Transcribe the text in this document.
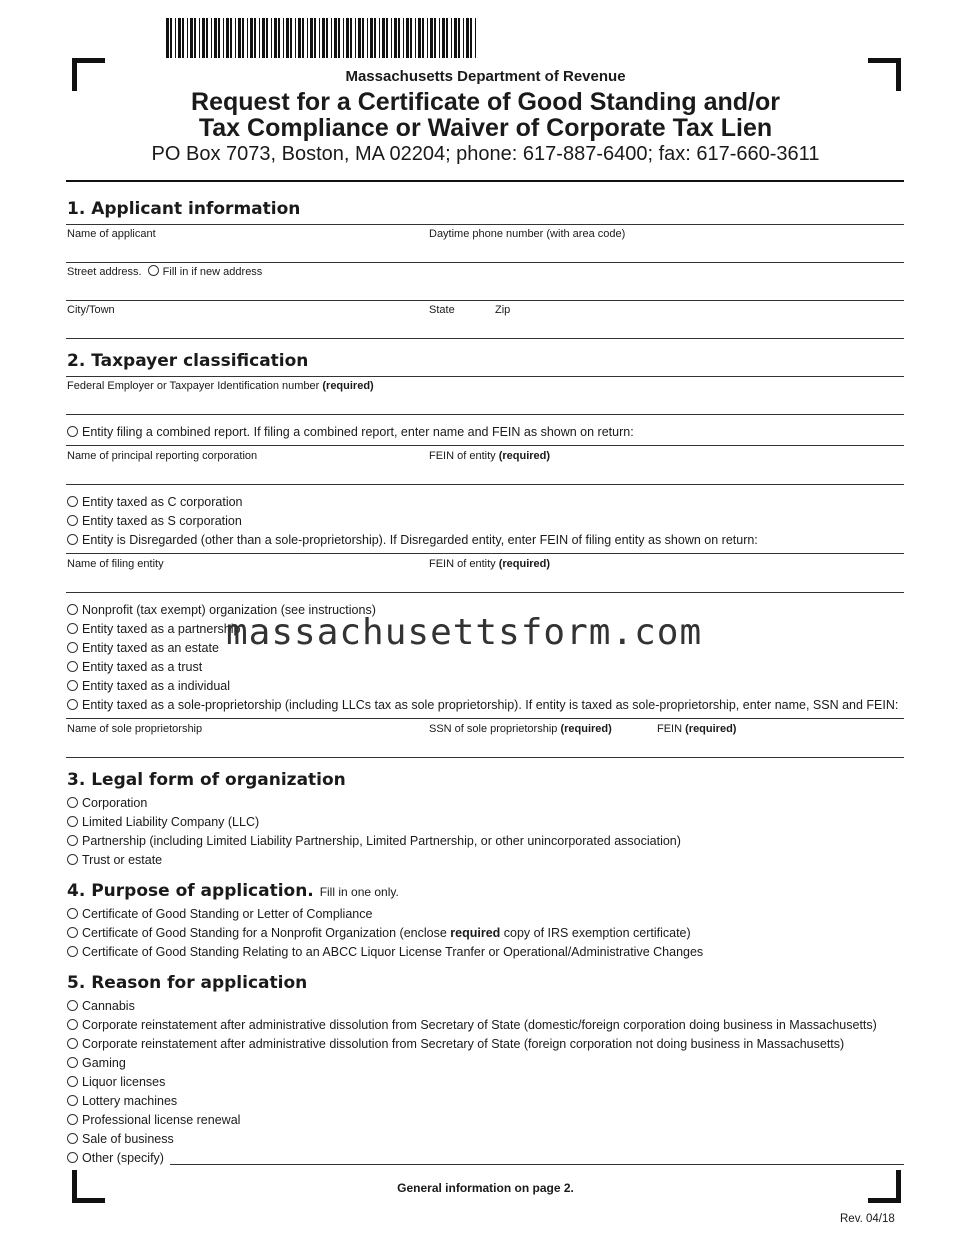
Massachusetts Department of Revenue
Request for a Certificate of Good Standing and/or
Tax Compliance or Waiver of Corporate Tax Lien
PO Box 7073, Boston, MA 02204; phone: 617-887-6400; fax: 617-660-3611
1. Applicant information
Name of applicant	Daytime phone number (with area code)
Street address. Fill in if new address
City/Town	State	Zip
2. Taxpayer classification
Federal Employer or Taxpayer Identification number (required)
Entity filing a combined report. If filing a combined report, enter name and FEIN as shown on return:
Name of principal reporting corporation	FEIN of entity (required)
Entity taxed as C corporation
Entity taxed as S corporation
Entity is Disregarded (other than a sole-proprietorship). If Disregarded entity, enter FEIN of filing entity as shown on return:
Name of filing entity	FEIN of entity (required)
Nonprofit (tax exempt) organization (see instructions)
Entity taxed as a partnership
Entity taxed as an estate
Entity taxed as a trust
Entity taxed as a individual
Entity taxed as a sole-proprietorship (including LLCs tax as sole proprietorship). If entity is taxed as sole-proprietorship, enter name, SSN and FEIN:
Name of sole proprietorship	SSN of sole proprietorship (required)	FEIN (required)
massachusettsform.com
3. Legal form of organization
Corporation
Limited Liability Company (LLC)
Partnership (including Limited Liability Partnership, Limited Partnership, or other unincorporated association)
Trust or estate
4. Purpose of application. Fill in one only.
Certificate of Good Standing or Letter of Compliance
Certificate of Good Standing for a Nonprofit Organization (enclose required copy of IRS exemption certificate)
Certificate of Good Standing Relating to an ABCC Liquor License Tranfer or Operational/Administrative Changes
5. Reason for application
Cannabis
Corporate reinstatement after administrative dissolution from Secretary of State (domestic/foreign corporation doing business in Massachusetts)
Corporate reinstatement after administrative dissolution from Secretary of State (foreign corporation not doing business in Massachusetts)
Gaming
Liquor licenses
Lottery machines
Professional license renewal
Sale of business
Other (specify)
General information on page 2.
Rev. 04/18
